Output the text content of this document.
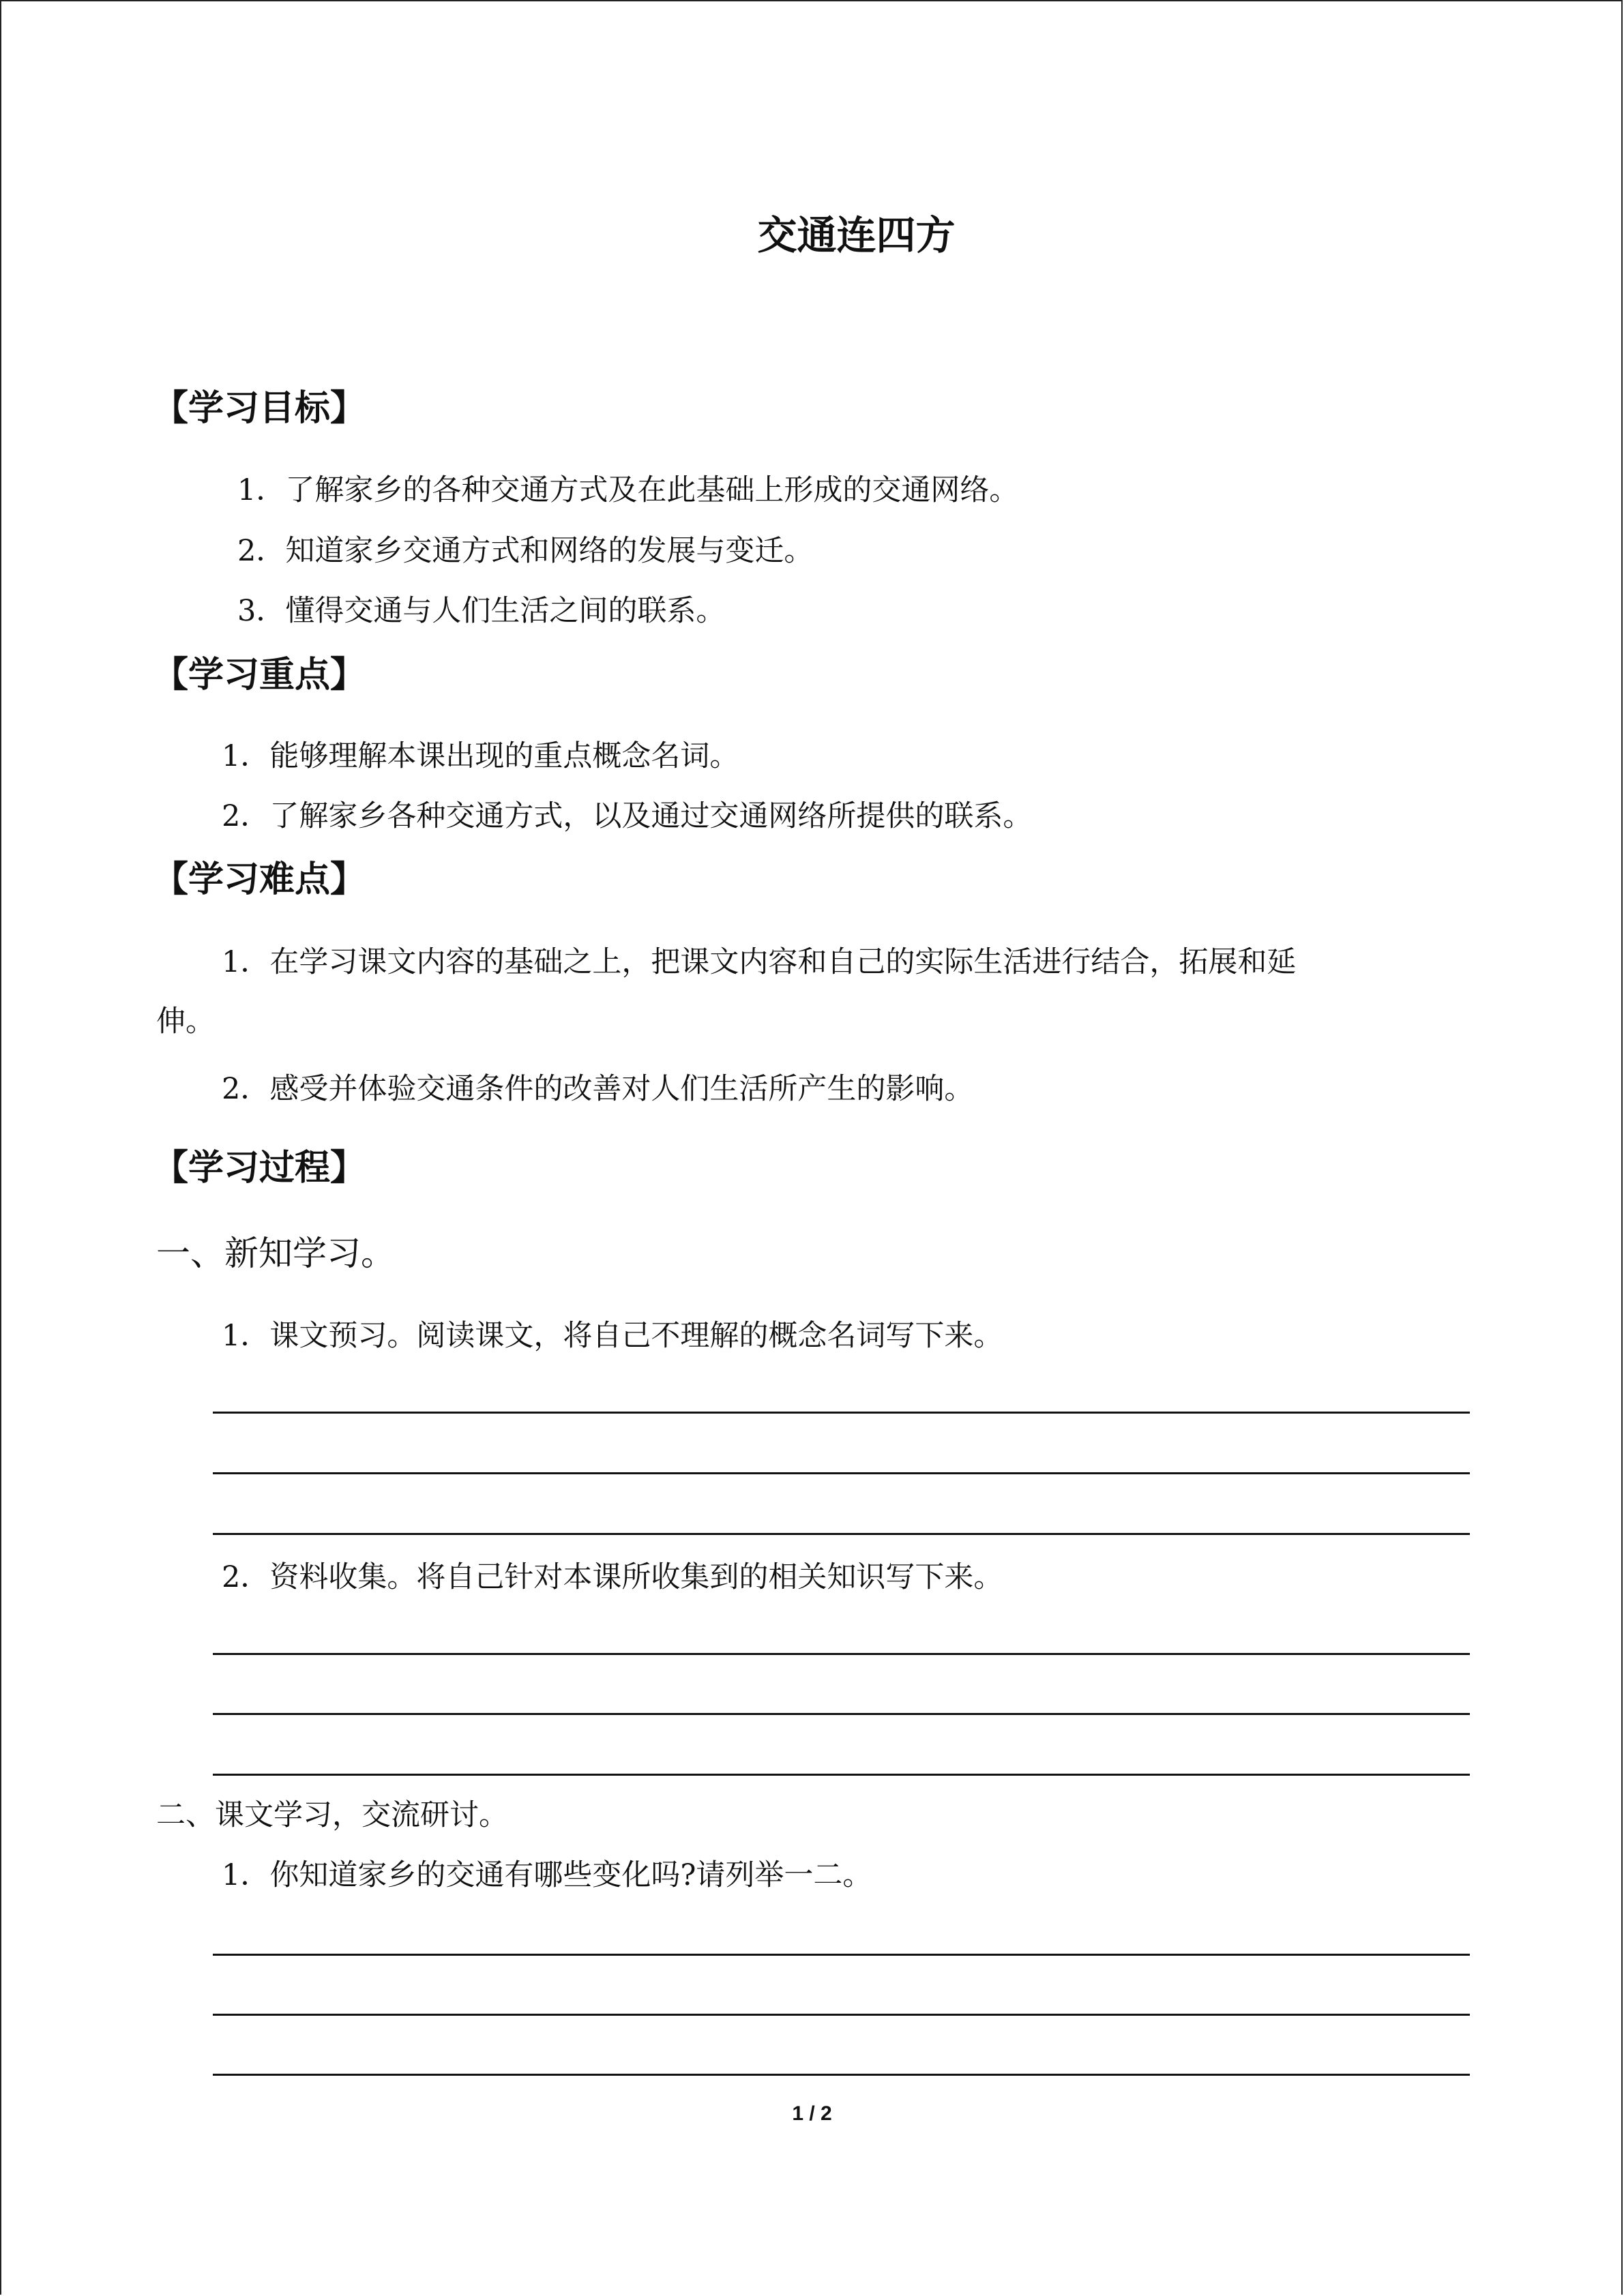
交通连四方
【学习目标】
1．了解家乡的各种交通方式及在此基础上形成的交通网络。
2．知道家乡交通方式和网络的发展与变迁。
3．懂得交通与人们生活之间的联系。
【学习重点】
1．能够理解本课出现的重点概念名词。
2．了解家乡各种交通方式，以及通过交通网络所提供的联系。
【学习难点】
1．在学习课文内容的基础之上，把课文内容和自己的实际生活进行结合，拓展和延
伸。
2．感受并体验交通条件的改善对人们生活所产生的影响。
【学习过程】
一、新知学习。
1．课文预习。阅读课文，将自己不理解的概念名词写下来。
2．资料收集。将自己针对本课所收集到的相关知识写下来。
二、课文学习，交流研讨。
1．你知道家乡的交通有哪些变化吗?请列举一二。
1 / 2
